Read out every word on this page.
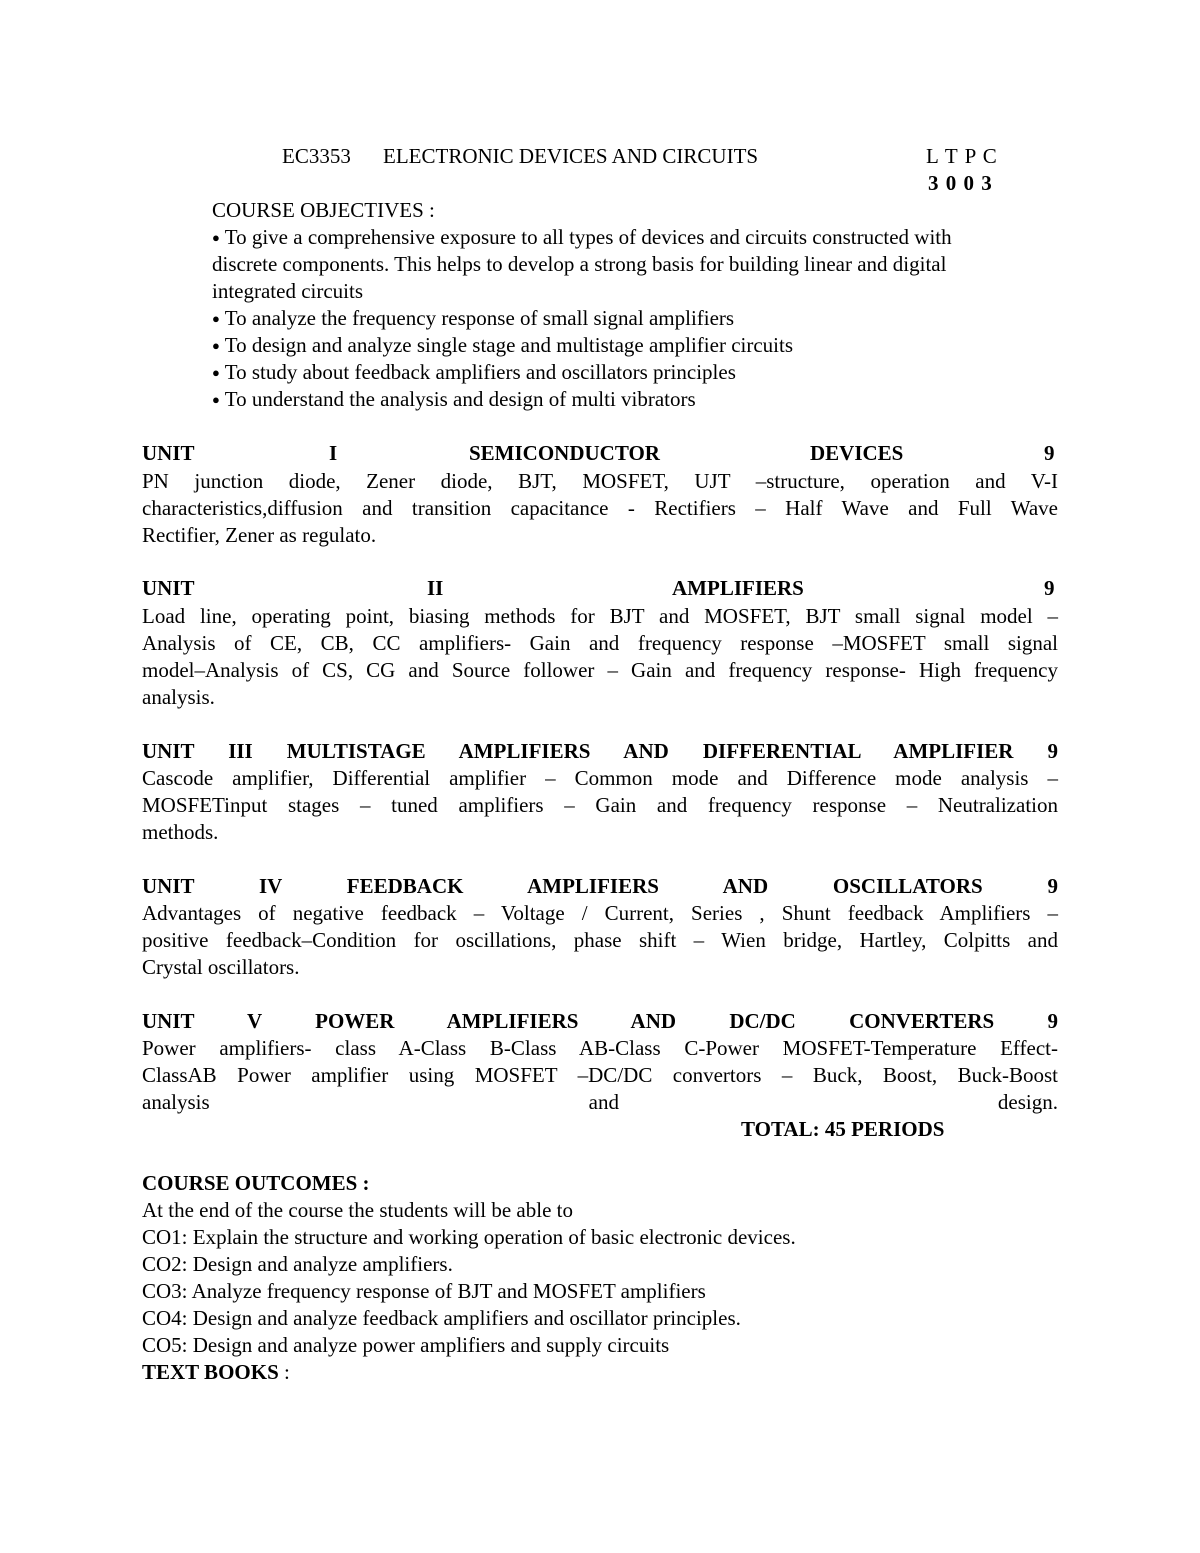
EC3353 ELECTRONIC DEVICES AND CIRCUITS	L T P C
3 0 0 3
COURSE OBJECTIVES :
● To give a comprehensive exposure to all types of devices and circuits constructed with
discrete components. This helps to develop a strong basis for building linear and digital
integrated circuits
● To analyze the frequency response of small signal amplifiers
● To design and analyze single stage and multistage amplifier circuits
● To study about feedback amplifiers and oscillators principles
● To understand the analysis and design of multi vibrators
UNIT	I	SEMICONDUCTOR	DEVICES	9
PN junction diode, Zener diode, BJT, MOSFET, UJT –structure, operation and V-I
characteristics,diffusion and transition capacitance - Rectifiers – Half Wave and Full Wave
Rectifier, Zener as regulato.
UNIT	II	AMPLIFIERS	9
Load line, operating point, biasing methods for BJT and MOSFET, BJT small signal model –
Analysis of CE, CB, CC amplifiers- Gain and frequency response –MOSFET small signal
model–Analysis of CS, CG and Source follower – Gain and frequency response- High frequency
analysis.
UNIT III MULTISTAGE AMPLIFIERS AND DIFFERENTIAL AMPLIFIER 9
Cascode amplifier, Differential amplifier – Common mode and Difference mode analysis –
MOSFETinput stages – tuned amplifiers – Gain and frequency response – Neutralization
methods.
UNIT	IV	FEEDBACK AMPLIFIERS AND OSCILLATORS	9
Advantages of negative feedback – Voltage / Current, Series , Shunt feedback Amplifiers –
positive feedback–Condition for oscillations, phase shift – Wien bridge, Hartley, Colpitts and
Crystal oscillators.
UNIT	V	POWER AMPLIFIERS AND DC/DC CONVERTERS	9
Power amplifiers- class A-Class B-Class AB-Class C-Power MOSFET-Temperature Effect-
ClassAB Power amplifier using MOSFET –DC/DC convertors – Buck, Boost, Buck-Boost
analysis and design.
TOTAL: 45 PERIODS
COURSE OUTCOMES :
At the end of the course the students will be able to
CO1: Explain the structure and working operation of basic electronic devices.
CO2: Design and analyze amplifiers.
CO3: Analyze frequency response of BJT and MOSFET amplifiers
CO4: Design and analyze feedback amplifiers and oscillator principles.
CO5: Design and analyze power amplifiers and supply circuits
TEXT BOOKS :
